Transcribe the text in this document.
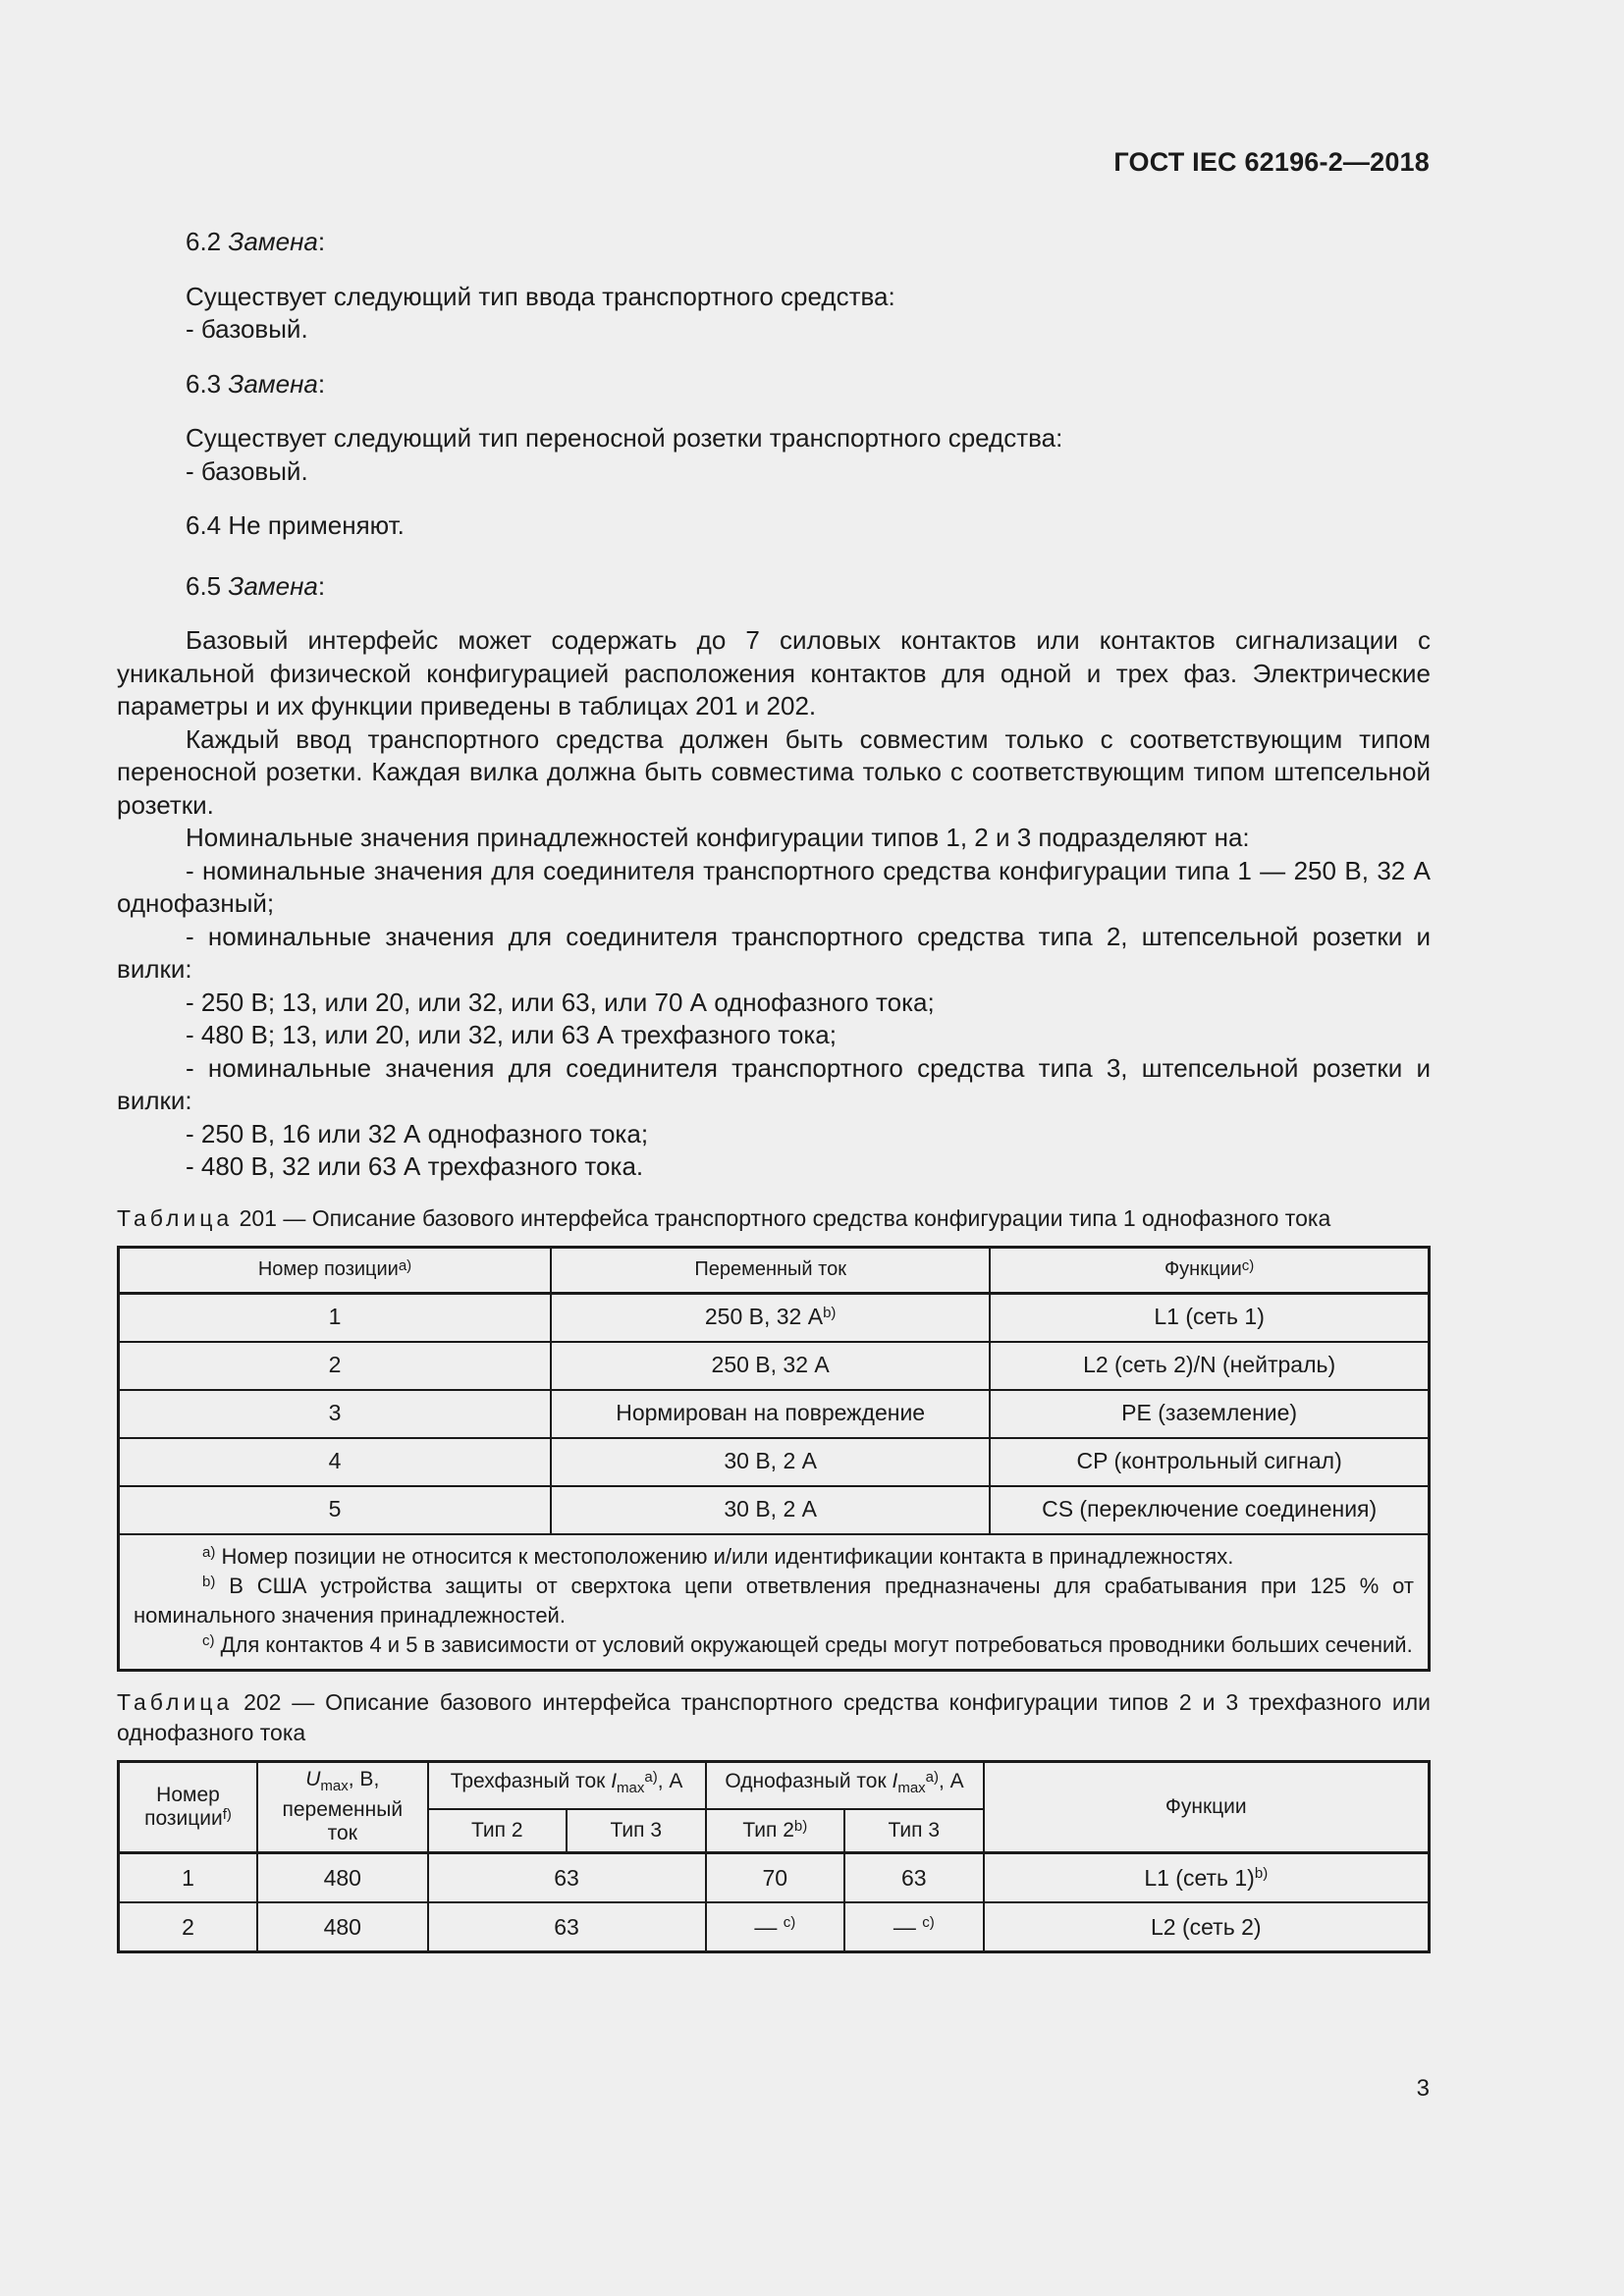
ГОСТ IEC 62196-2—2018

6.2 Замена:

Существует следующий тип ввода транспортного средства:

- базовый.

6.3 Замена:

Существует следующий тип переносной розетки транспортного средства:

- базовый.

6.4 Не применяют.

6.5 Замена:

Базовый интерфейс может содержать до 7 силовых контактов или контактов сигнализации с уникальной физической конфигурацией расположения контактов для одной и трех фаз. Электрические параметры и их функции приведены в таблицах 201 и 202.

Каждый ввод транспортного средства должен быть совместим только с соответствующим типом переносной розетки. Каждая вилка должна быть совместима только с соответствующим типом штепсельной розетки.

Номинальные значения принадлежностей конфигурации типов 1, 2 и 3 подразделяют на:

- номинальные значения для соединителя транспортного средства конфигурации типа 1 — 250 В, 32 А однофазный;

- номинальные значения для соединителя транспортного средства типа 2, штепсельной розетки и вилки:

- 250 В; 13, или 20, или 32, или 63, или 70 А однофазного тока;

- 480 В; 13, или 20, или 32, или 63 А трехфазного тока;

- номинальные значения для соединителя транспортного средства типа 3, штепсельной розетки и вилки:

- 250 В, 16 или 32 А однофазного тока;

- 480 В, 32 или 63 А трехфазного тока.

Таблица 201 — Описание базового интерфейса транспортного средства конфигурации типа 1 однофазного тока

Номер позиции$^{a)}$	Переменный ток	Функции$^{c)}$
1	250 В, 32 $А^{b)}$	L1 (сеть 1)
2	250 В, 32 А	L2 (сеть 2)/N (нейтраль)
3	Нормирован на повреждение	PE (заземление)
4	30 В, 2 А	CP (контрольный сигнал)
5	30 В, 2 А	CS (переключение соединения)

$^{a)}$ Номер позиции не относится к местоположению и/или идентификации контакта в принадлежностях.

$^{b)}$ В США устройства защиты от сверхтока цепи ответвления предназначены для срабатывания при 125 % от номинального значения принадлежностей.

$^{c)}$ Для контактов 4 и 5 в зависимости от условий окружающей среды могут потребоваться проводники больших сечений.		

Таблица 202 — Описание базового интерфейса транспортного средства конфигурации типов 2 и 3 трехфазного или однофазного тока

Номер
позиции$^{f)}$	$U_{max}$, В,
переменный
ток	Трехфазный ток $I_{max}^{a)}$, А		Однофазный ток $I_{max}^{a)}$, А		Функции
		Тип 2	Тип 3	Тип 2$^{b)}$	Тип 3	
1	480	63		70	63	L1 (сеть 1)$^{b)}$
2	480	63		— $^{c)}$	— $^{c)}$	L2 (сеть 2)
3
